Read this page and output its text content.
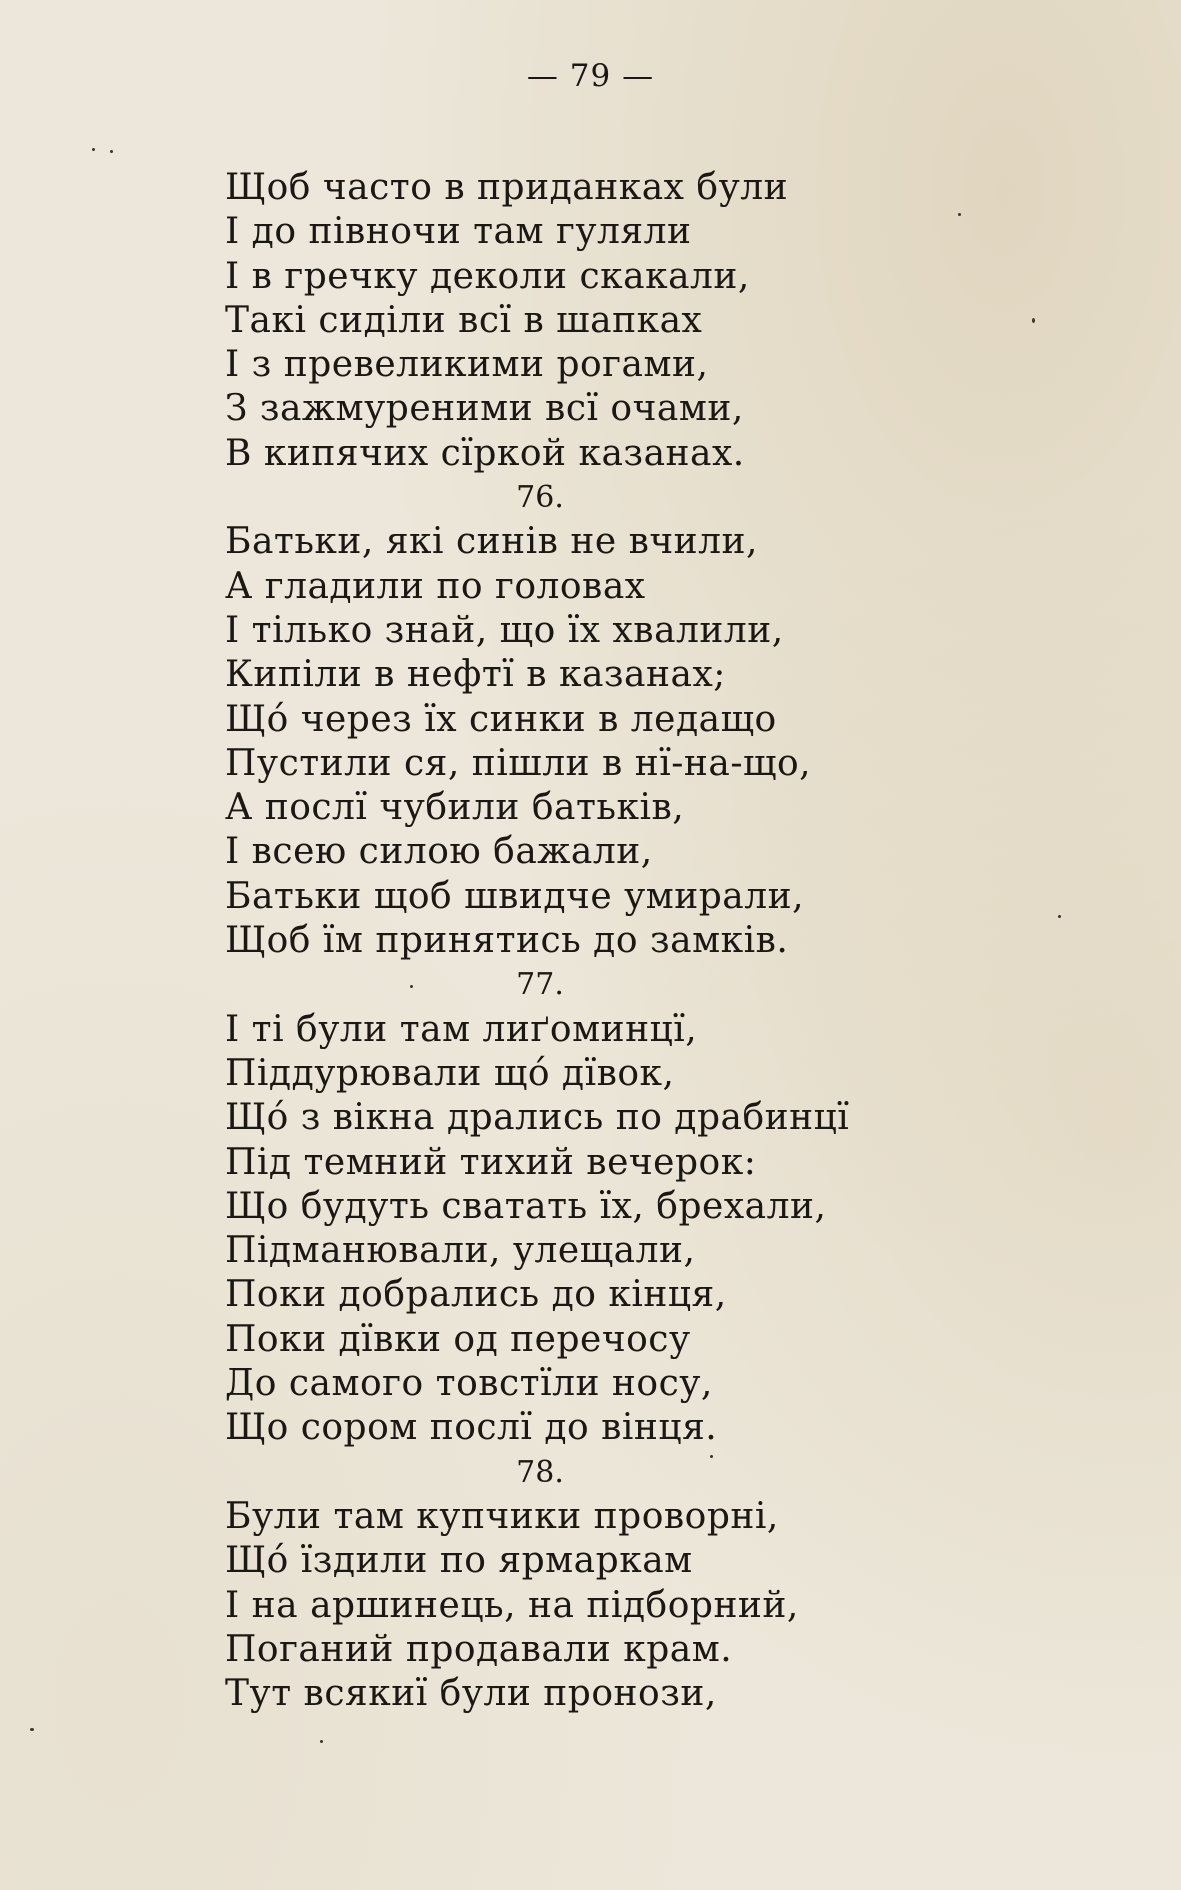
— 79 —
Щоб часто в приданках були
І до півночи там гуляли
І в гречку деколи скакали,
Такі сиділи всї в шапках
І з превеликими рогами,
З зажмуреними всї очами,
В кипячих сїркой казанах.
76.
Батьки, які синів не вчили,
А гладили по головах
І тілько знай, що їх хвалили,
Кипіли в нефтї в казанах;
Щó через їх синки в ледащо
Пустили ся, пішли в нї-на-що,
А послї чубили батьків,
І всею силою бажали,
Батьки щоб швидче умирали,
Щоб їм принятись до замків.
77.
І ті були там лиґоминцї,
Піддурювали щó дївок,
Щó з вікна дрались по драбинцї
Під темний тихий вечерок:
Що будуть сватать їх, брехали,
Підманювали, улещали,
Поки добрались до кінця,
Поки дївки од перечосу
До самого товстїли носу,
Що сором послї до вінця.
78.
Були там купчики проворні,
Щó їздили по ярмаркам
І на аршинець, на підборний,
Поганий продавали крам.
Тут всякиї були пронози,
